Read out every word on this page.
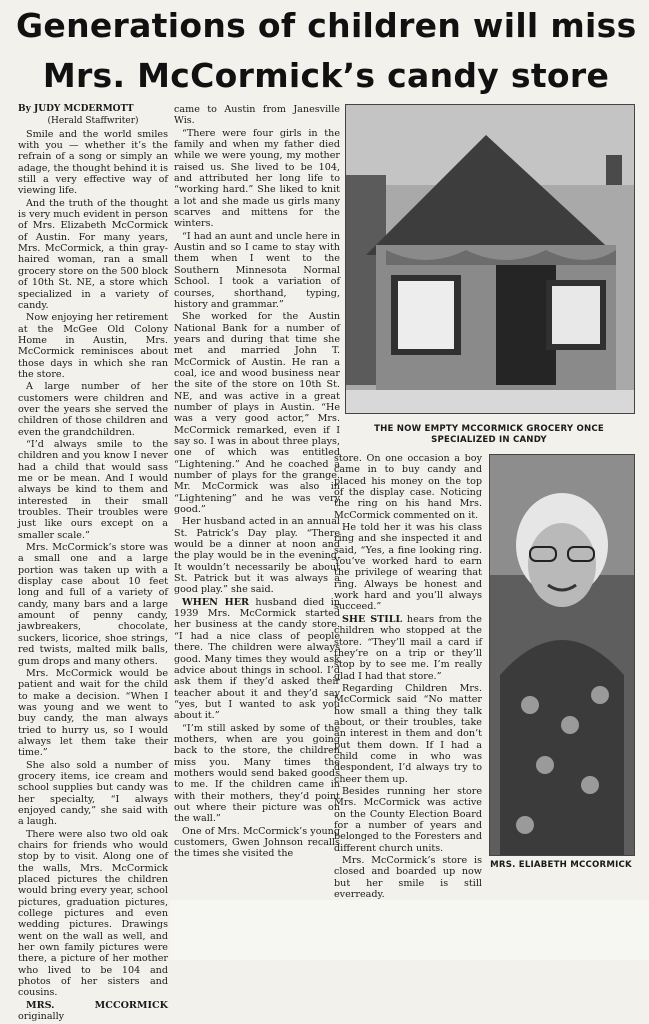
Generations of children will miss
Mrs. McCormick’s candy store

By JUDY MCDERMOTT

(Herald Staffwriter)

Smile and the world smiles with you — whether it’s the refrain of a song or simply an adage, the thought behind it is still a very effective way of viewing life.

And the truth of the thought is very much evident in person of Mrs. Elizabeth McCormick of Austin. For many years, Mrs. McCormick, a thin gray-haired woman, ran a small grocery store on the 500 block of 10th St. NE, a store which specialized in a variety of candy.

Now enjoying her retirement at the McGee Old Colony Home in Austin, Mrs. McCormick reminisces about those days in which she ran the store.

A large number of her customers were children and over the years she served the children of those children and even the grandchildren.

“I’d always smile to the children and you know I never had a child that would sass me or be mean. And I would always be kind to them and interested in their small troubles. Their troubles were just like ours except on a smaller scale.”

Mrs. McCormick’s store was a small one and a large portion was taken up with a display case about 10 feet long and full of a variety of candy, many bars and a large amount of penny candy, jawbreakers, chocolate, suckers, licorice, shoe strings, red twists, malted milk balls, gum drops and many others.

Mrs. McCormick would be patient and wait for the child to make a decision. “When I was young and we went to buy candy, the man always tried to hurry us, so I would always let them take their time.”

She also sold a number of grocery items, ice cream and school supplies but candy was her specialty, “I always enjoyed candy,” she said with a laugh.

There were also two old oak chairs for friends who would stop by to visit. Along one of the walls, Mrs. McCormick placed pictures the children would bring every year, school pictures, graduation pictures, college pictures and even wedding pictures. Drawings went on the wall as well, and her own family pictures were there, a picture of her mother who lived to be 104 and photos of her sisters and cousins.

MRS. MCCORMICK originally

came to Austin from Janesville Wis.

“There were four girls in the family and when my father died while we were young, my mother raised us. She lived to be 104, and attributed her long life to “working hard.” She liked to knit a lot and she made us girls many scarves and mittens for the winters.

“I had an aunt and uncle here in Austin and so I came to stay with them when I went to the Southern Minnesota Normal School. I took a variation of courses, shorthand, typing, history and grammar.”

She worked for the Austin National Bank for a number of years and during that time she met and married John T. McCormick of Austin. He ran a coal, ice and wood business near the site of the store on 10th St. NE, and was active in a great number of plays in Austin. “He was a very good actor,” Mrs. McCormick remarked, even if I say so. I was in about three plays, one of which was entitled “Lightening.” And he coached a number of plays for the grange. Mr. McCormick was also in “Lightening” and he was very good.”

Her husband acted in an annual St. Patrick’s Day play. “There would be a dinner at noon and the play would be in the evening. It wouldn’t necessarily be about St. Patrick but it was always a good play.” she said.

WHEN HER husband died in 1939 Mrs. McCormick started her business at the candy store. “I had a nice class of people there. The children were always good. Many times they would ask advice about things in school. I’d ask them if they’d asked their teacher about it and they’d say “yes, but I wanted to ask you about it.”

“I’m still asked by some of the mothers, when are you going back to the store, the children miss you. Many times the mothers would send baked goods to me. If the children came in with their mothers, they’d point out where their picture was on the wall.”

One of Mrs. McCormick’s young customers, Gwen Johnson recalls the times she visited the

THE NOW EMPTY MCCORMICK GROCERY ONCE SPECIALIZED IN CANDY

store. On one occasion a boy came in to buy candy and placed his money on the top of the display case. Noticing the ring on his hand Mrs. McCormick commented on it.

He told her it was his class ring and she inspected it and said, “Yes, a fine looking ring. You’ve worked hard to earn the privilege of wearing that ring. Always be honest and work hard and you’ll always succeed.”

SHE STILL hears from the children who stopped at the store. “They’ll mail a card if they’re on a trip or they’ll stop by to see me. I’m really glad I had that store.”

Regarding Children Mrs. McCormick said “No matter how small a thing they talk about, or their troubles, take an interest in them and don’t put them down. If I had a child come in who was despondent, I’d always try to cheer them up.

Besides running her store Mrs. McCormick was active on the County Election Board for a number of years and belonged to the Foresters and different church units.

Mrs. McCormick’s store is closed and boarded up now but her smile is still everready.

MRS. ELIABETH MCCORMICK
